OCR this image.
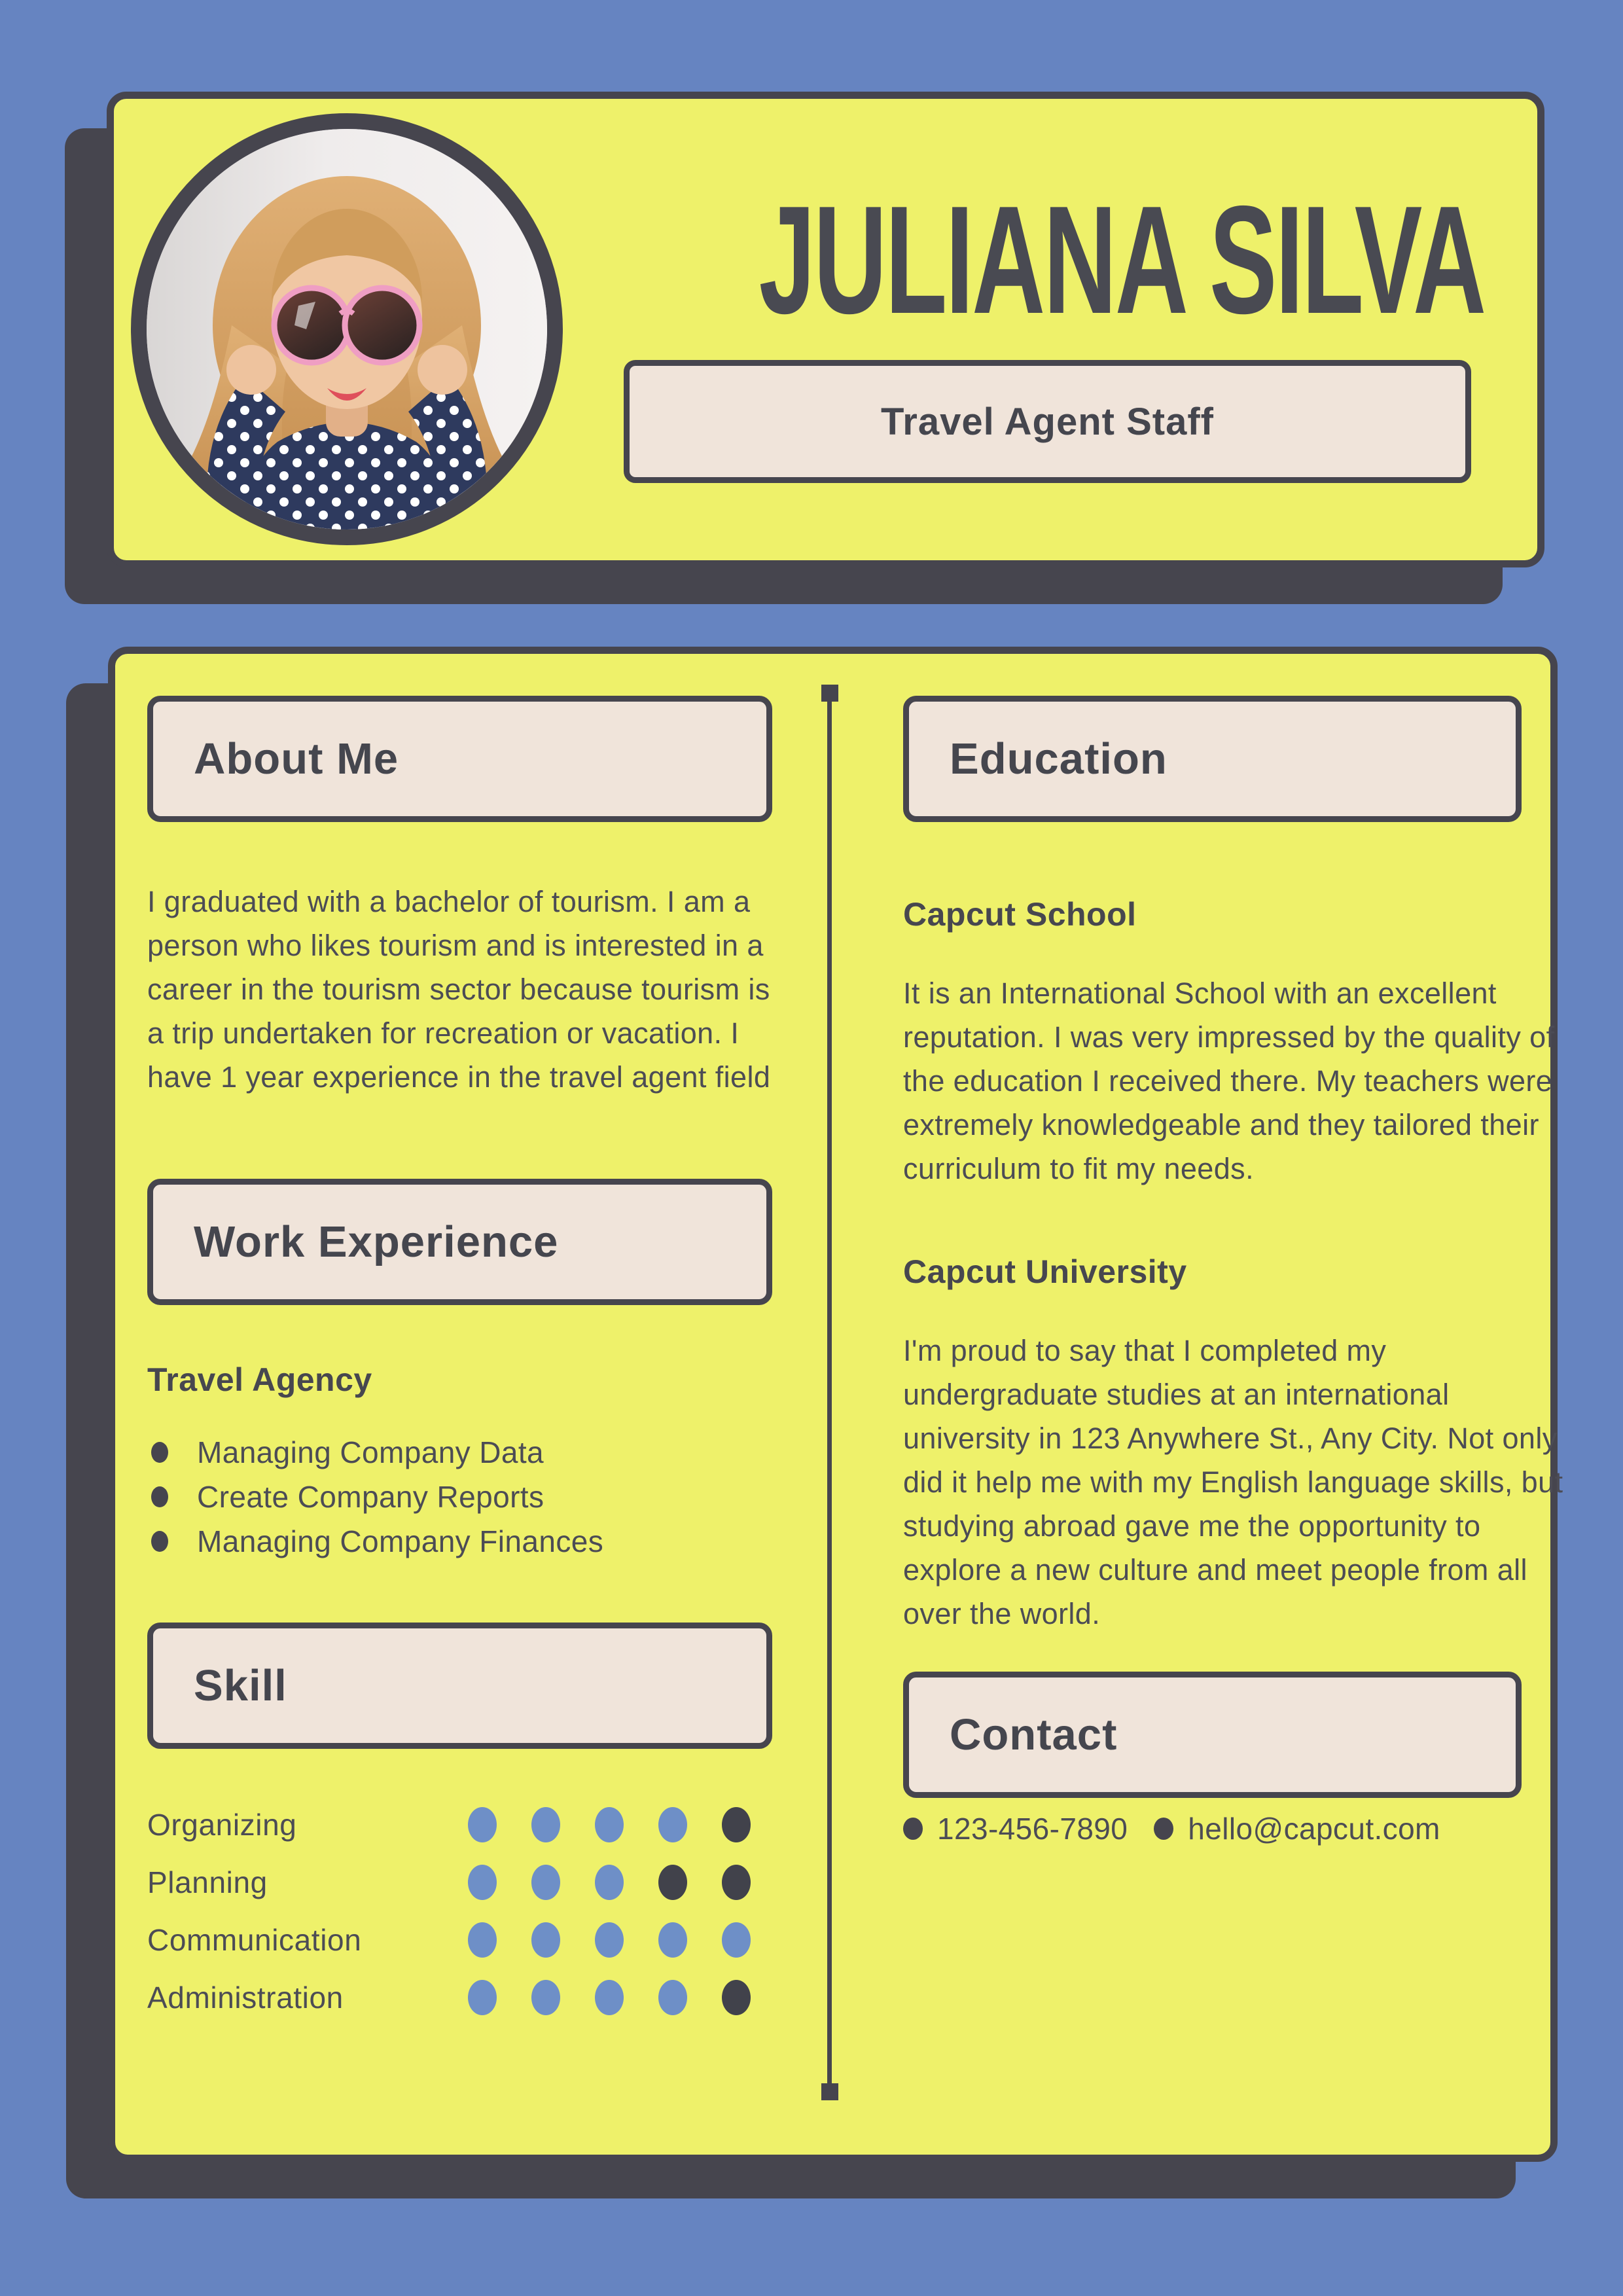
JULIANA SILVA
Travel Agent Staff
About Me

I graduated with a bachelor of tourism. I am a person who likes tourism and is interested in a career in the tourism sector because tourism is a trip undertaken for recreation or vacation. I have 1 year experience in the travel agent field

Work Experience
Travel Agency
Managing Company Data
Create Company Reports
Managing Company Finances
Skill
Organizing
Planning
Communication
Administration
Education
Capcut School

It is an International School with an excellent reputation. I was very impressed by the quality of the education I received there. My teachers were extremely knowledgeable and they tailored their curriculum to fit my needs.

Capcut University

I'm proud to say that I completed my undergraduate studies at an international university in 123 Anywhere St., Any City. Not only did it help me with my English language skills, but studying abroad gave me the opportunity to explore a new culture and meet people from all over the world.

Contact
123-456-7890 hello@capcut.com
